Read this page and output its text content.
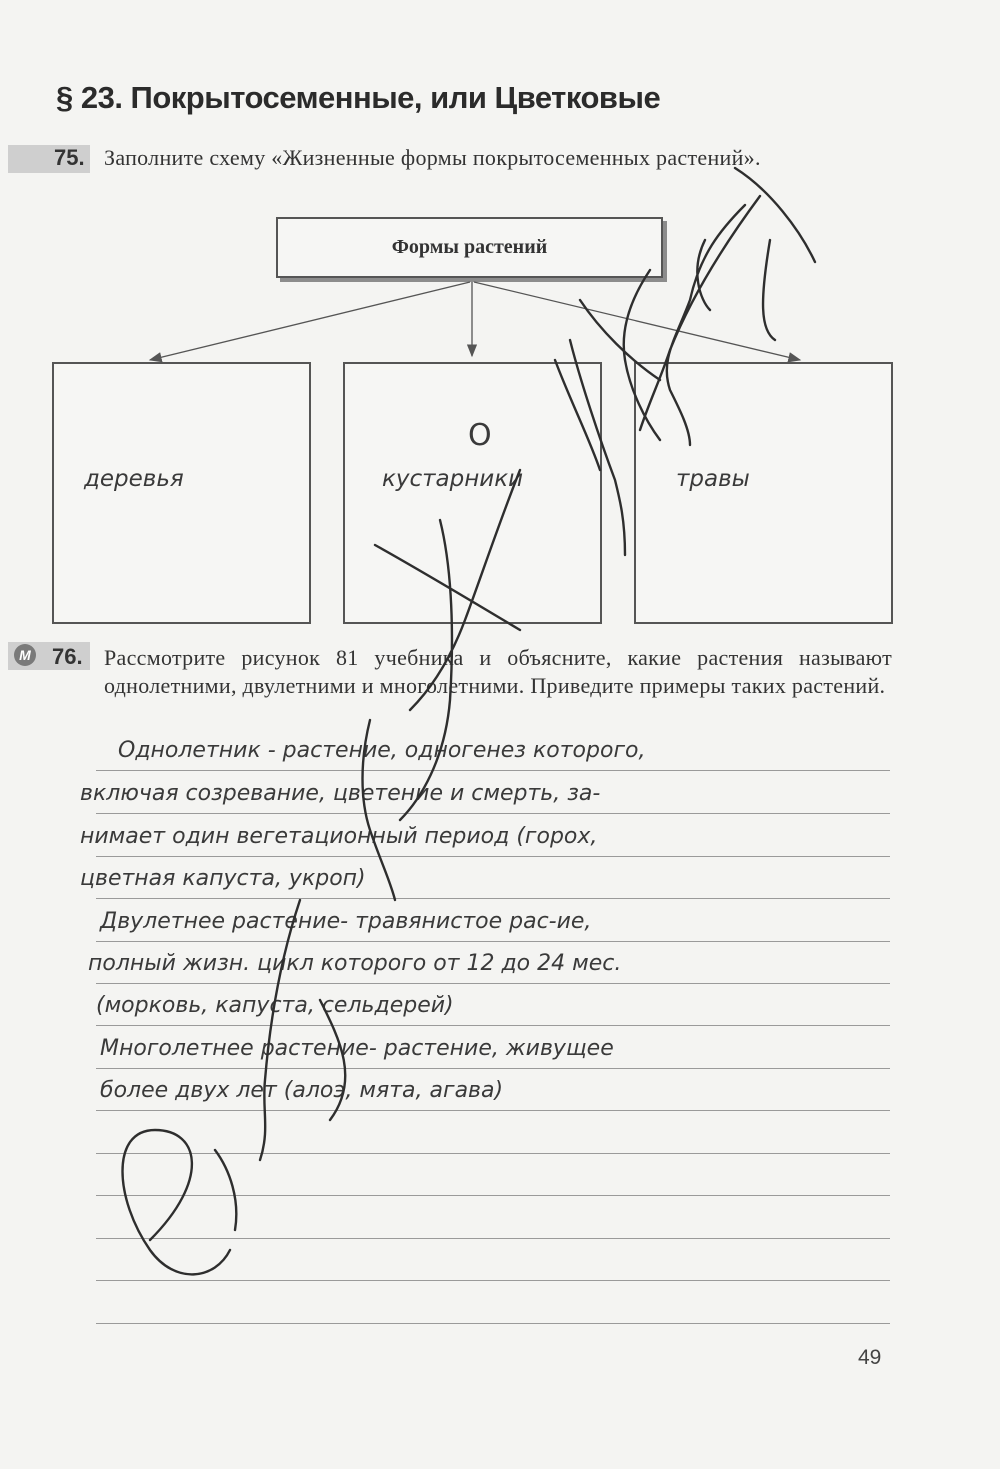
§ 23. Покрытосеменные, или Цветковые
75. Заполните схему «Жизненные формы покрытосеменных растений».
Формы растений
деревья	кустарники	травы
О
М 76. Рассмотрите рисунок 81 учебника и объясните, какие растения называют однолетними, двулетними и многолетними. Приведите примеры таких растений.
Однолетник - растение, одногенез которого,
включая созревание, цветение и смерть, за-
нимает один вегетационный период (горох,
цветная капуста, укроп)
Двулетнее растение- травянистое рас-ие,
полный жизн. цикл которого от 12 до 24 мес.
(морковь, капуста, сельдерей)
Многолетнее растение- растение, живущее
более двух лет (алоэ, мята, агава)
49
